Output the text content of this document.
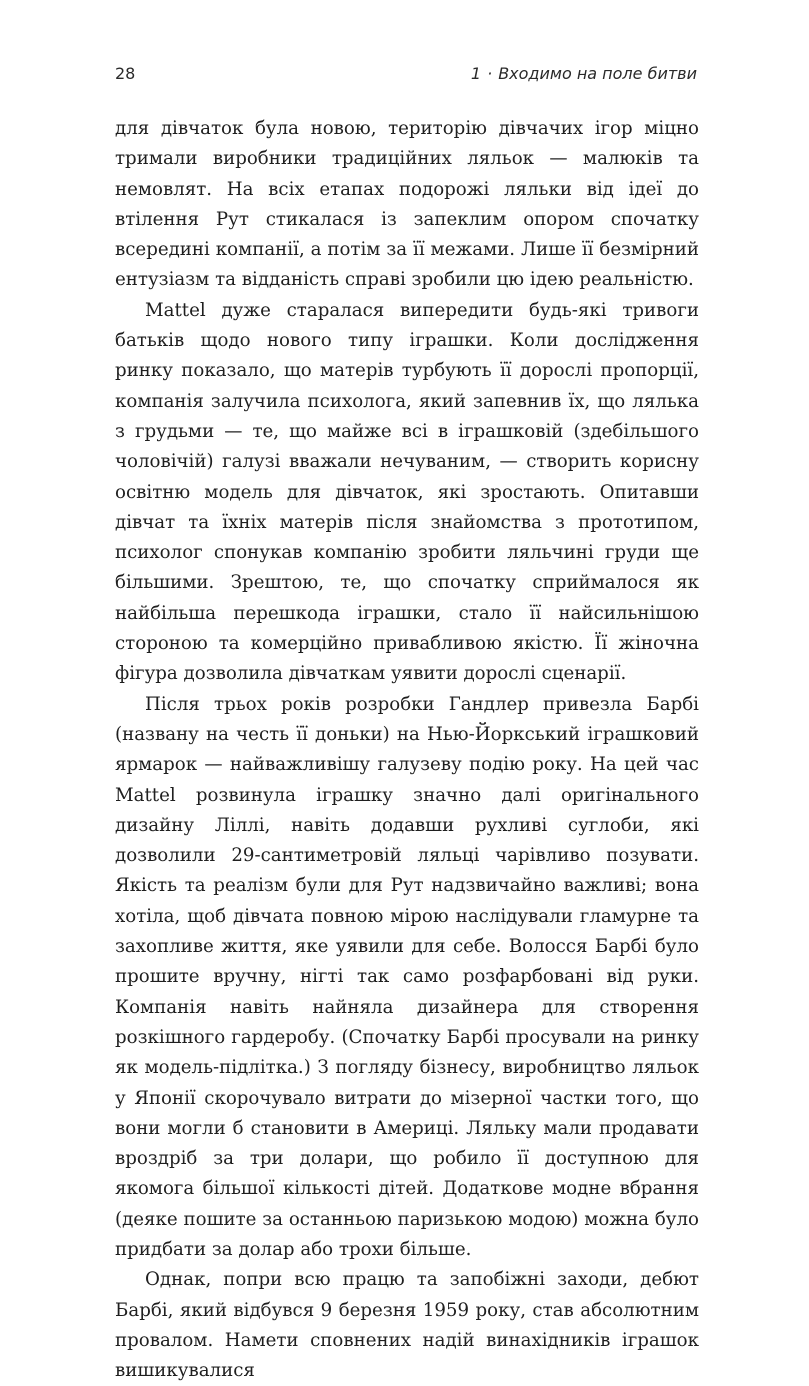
28	1 · Входимо на поле битви

для дівчаток була новою, територію дівчачих ігор міцно тримали виробники традиційних ляльок — малюків та немовлят. На всіх етапах подорожі ляльки від ідеї до втілення Рут стикалася із запеклим опором спочатку всередині компанії, а потім за її межами. Лише її безмірний ентузіазм та відданість справі зробили цю ідею реальністю.

Mattel дуже старалася випередити будь-які тривоги батьків щодо нового типу іграшки. Коли дослідження ринку показало, що матерів турбують її дорослі пропорції, компанія залучила психолога, який запевнив їх, що лялька з грудьми — те, що майже всі в іграшковій (здебільшого чоловічій) галузі вважали нечуваним, — створить корисну освітню модель для дівчаток, які зростають. Опитавши дівчат та їхніх матерів після знайомства з прототипом, психолог спонукав компанію зробити ляльчині груди ще більшими. Зрештою, те, що спочатку сприймалося як найбільша перешкода іграшки, стало її найсильнішою стороною та комерційно привабливою якістю. Її жіночна фігура дозволила дівчаткам уявити дорослі сценарії.

Після трьох років розробки Гандлер привезла Барбі (названу на честь її доньки) на Нью-Йоркський іграшковий ярмарок — найважливішу галузеву подію року. На цей час Mattel розвинула іграшку значно далі оригінального дизайну Ліллі, навіть додавши рухливі суглоби, які дозволили 29-сантиметровій ляльці чарівливо позувати. Якість та реалізм були для Рут надзвичайно важливі; вона хотіла, щоб дівчата повною мірою наслідували гламурне та захопливе життя, яке уявили для себе. Волосся Барбі було прошите вручну, нігті так само розфарбовані від руки. Компанія навіть найняла дизайнера для створення розкішного гардеробу. (Спочатку Барбі просували на ринку як модель-підлітка.) З погляду бізнесу, виробництво ляльок у Японії скорочувало витрати до мізерної частки того, що вони могли б становити в Америці. Ляльку мали продавати вроздріб за три долари, що робило її доступною для якомога більшої кількості дітей. Додаткове модне вбрання (деяке пошите за останньою паризькою модою) можна було придбати за долар або трохи більше.

Однак, попри всю працю та запобіжні заходи, дебют Барбі, який відбувся 9 березня 1959 року, став абсолютним провалом. Намети сповнених надій винахідників іграшок вишикувалися
